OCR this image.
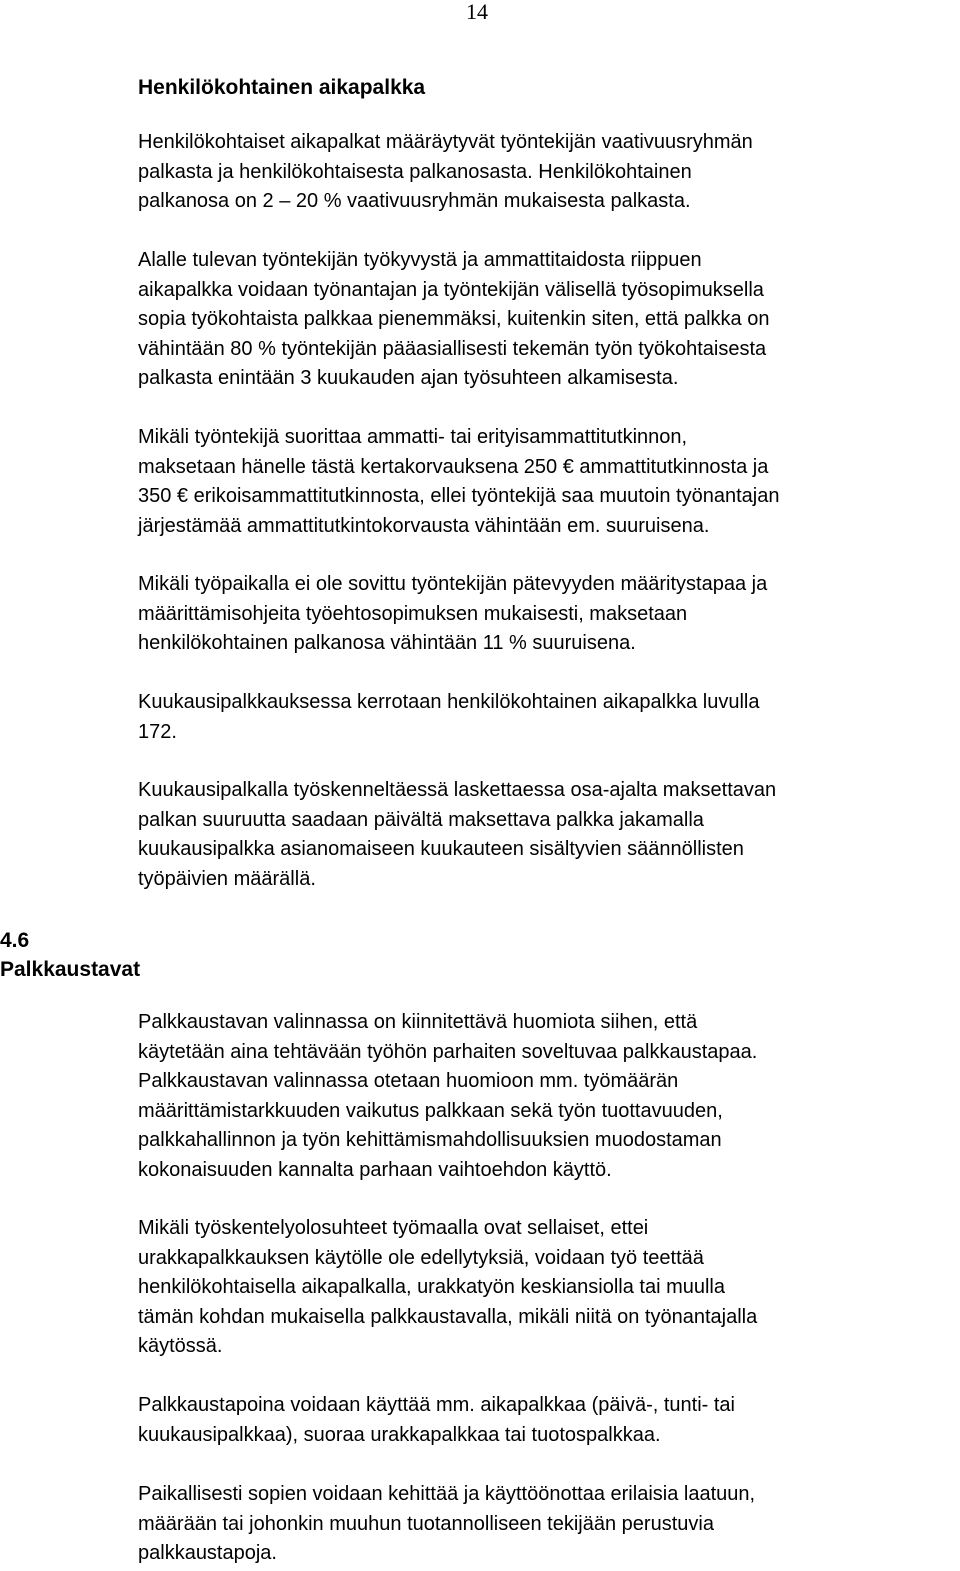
14
Henkilökohtainen aikapalkka
4.6
Palkkaustavat

Henkilökohtaiset aikapalkat määräytyvät työntekijän vaativuusryhmän
palkasta ja henkilökohtaisesta palkanosasta. Henkilökohtainen
palkanosa on 2 – 20 % vaativuusryhmän mukaisesta palkasta.

Alalle tulevan työntekijän työkyvystä ja ammattitaidosta riippuen
aikapalkka voidaan työnantajan ja työntekijän välisellä työsopimuksella
sopia työkohtaista palkkaa pienemmäksi, kuitenkin siten, että palkka on
vähintään 80 % työntekijän pääasiallisesti tekemän työn työkohtaisesta
palkasta enintään 3 kuukauden ajan työsuhteen alkamisesta.

Mikäli työntekijä suorittaa ammatti- tai erityisammattitutkinnon,
maksetaan hänelle tästä kertakorvauksena 250 € ammattitutkinnosta ja
350 € erikoisammattitutkinnosta, ellei työntekijä saa muutoin työnantajan
järjestämää ammattitutkintokorvausta vähintään em. suuruisena.

Mikäli työpaikalla ei ole sovittu työntekijän pätevyyden määritystapaa ja
määrittämisohjeita työehtosopimuksen mukaisesti, maksetaan
henkilökohtainen palkanosa vähintään 11 % suuruisena.

Kuukausipalkkauksessa kerrotaan henkilökohtainen aikapalkka luvulla
172.

Kuukausipalkalla työskenneltäessä laskettaessa osa-ajalta maksettavan
palkan suuruutta saadaan päivältä maksettava palkka jakamalla
kuukausipalkka asianomaiseen kuukauteen sisältyvien säännöllisten
työpäivien määrällä.

Palkkaustavan valinnassa on kiinnitettävä huomiota siihen, että
käytetään aina tehtävään työhön parhaiten soveltuvaa palkkaustapaa.
Palkkaustavan valinnassa otetaan huomioon mm. työmäärän
määrittämistarkkuuden vaikutus palkkaan sekä työn tuottavuuden,
palkkahallinnon ja työn kehittämismahdollisuuksien muodostaman
kokonaisuuden kannalta parhaan vaihtoehdon käyttö.

Mikäli työskentelyolosuhteet työmaalla ovat sellaiset, ettei
urakkapalkkauksen käytölle ole edellytyksiä, voidaan työ teettää
henkilökohtaisella aikapalkalla, urakkatyön keskiansiolla tai muulla
tämän kohdan mukaisella palkkaustavalla, mikäli niitä on työnantajalla
käytössä.

Palkkaustapoina voidaan käyttää mm. aikapalkkaa (päivä-, tunti- tai
kuukausipalkkaa), suoraa urakkapalkkaa tai tuotospalkkaa.

Paikallisesti sopien voidaan kehittää ja käyttöönottaa erilaisia laatuun,
määrään tai johonkin muuhun tuotannolliseen tekijään perustuvia
palkkaustapoja.
